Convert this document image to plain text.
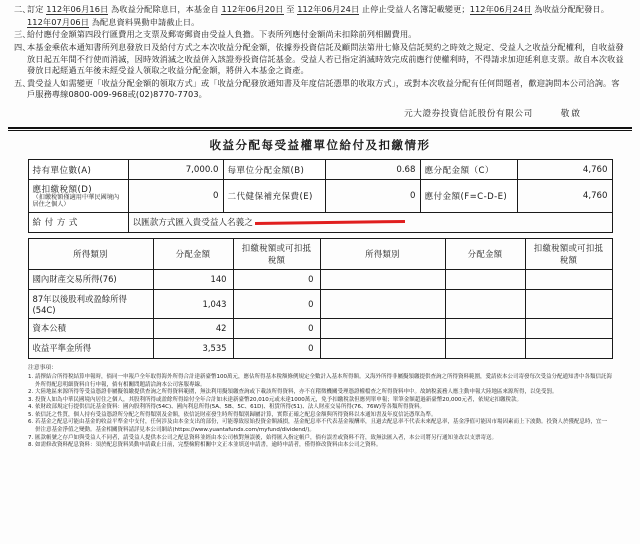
二、
訂定 112年06月16日 為收益分配除息日，本基金自 112年06月20日 至 112年06月24日 止停止受益人名簿記載變更；112年06月24日 為收益分配配發日。
112年07月06日 為配息資料異動申請截止日。
三、
給付應付金額第四段行匯費用之支票及郵寄郵資由受益人負擔。下表所列應付金額尚未扣除前列相關費用。
四、
本基金乘依本通知書所列息發放日及給付方式之本次收益分配金額，依據券投資信託及顧問法第卅七條及信託契約之時效之規定、受益人之收益分配權利，自收益發放日起五年間不行使而消滅，因時效消滅之收益併入該證券投資信託基金。受益人若已指定消滅時效完成前應行使權利時，不得請求加迎延利息支票。故自本次收益發放日起經過五年後未經受益人領取之收益分配金額，將併入本基金之資產。
五、
貴受益人如需變更「收益分配金額的領取方式」或「收益分配發放通知書及年度信託憑單的收取方式」，或對本次收益分配有任何問題者，歡迎詢問本公司洽詢。客戶服務專線0800-009-968或(02)8770-7703。
元大證券投資信託股份有限公司	敬啟
收益分配每受益權單位給付及扣繳情形
持有單位數(A)	7,000.0	每單位分配金額(B)	0.68	應分配金額（C）	4,760
應扣繳稅額(D)
（扣繳稅額僅適用中華民國境內居住之個人）	0	二代健保補充保費(E)	0	應付金額(F=C-D-E)	4,760
給 付 方 式	以匯款方式匯入貴受益人名義之				
所得類別	分配金額	扣繳稅額或可扣抵稅額	所得類別	分配金額	扣繳稅額或可扣抵稅額
國內財產交易所得(76)	140	0			
87年以後股利或盈餘所得(54C)	1,043	0			
資本公積	42	0			
收益平準金所得	3,535	0			
注意事項：
1. 請擇結合所得稅結算申報時，倘同一申報戶全年取得海外所得合計達新臺幣100萬元，應佔所得基本稅額條例規定全數計入基本所得額。又海外所得非屬擬領繳提供查詢之所得資料範圍，愛請依本公司寄發每次受益分配通知書中各類信託海外所得配息明細資料自行申報，倘有相關問題請洽詢本公司客服專線。
2. 大陸地區來源所得等受益憑證非屬擬領繳提供查詢之所得資料範圍，無法利用擬領繳查詢或下載該所得資料，亦不在稽徵機關受理憑證權檔查之所得資料申中。故納稅義務人應主動申報大陸地區來源所得，以免受罰。
3. 投資人如為中華民國境內居住之個人，其股利所得或盈餘所得給付全年合計如未達新臺幣20,010元或未達1000萬元，免予扣繳稅款但應列單申報；單筆金額超過新臺幣20,000元者，依規定扣繳稅款。
4. 依財政部規定行提供信託基金資料：國內股利所得(54C)、國內利息所得(5A、5B、5C、61D)、租賃所得(51)、法人財產交易所得(76、76W)等各類所得資料。
5. 依信託之性質，個人持有受益憑證所分配之所得類別及金額，依信託財產發生時所得類別歸屬計算，實際正確之配息金額與所得資料以本通知書及年度信託憑單為準。
6. 若基金之配息可能由基金的收益平準金中支付，任何涉及由本金支出的部份，可能導致原始投資金額減損，基金配息率不代表基金報酬率，且過去配息率不代表未來配息率，基金淨值可能因市場因素而上下波動。投資人於獲配息時，宜一併注意基金淨值之變動。基金相關資料請詳見本公司網站(https://www.yuantafunds.com/myfund/dividend/)。
7. 匯款帳號之存戶如與受益人不同者，請受益人提供本公司之配息資料並經由本公司核對無誤後，始得匯入指定帳戶，倘有誤差或資料不符，致無法匯入者，本公司將另行通知並改以支票寄送。
8. 如需修改資料配息資料：須於配息資料異動申請截止日前，完整檢附相關中文正本並填送申請書，逾時申請者，僅得修改資料由本公司之資料。
